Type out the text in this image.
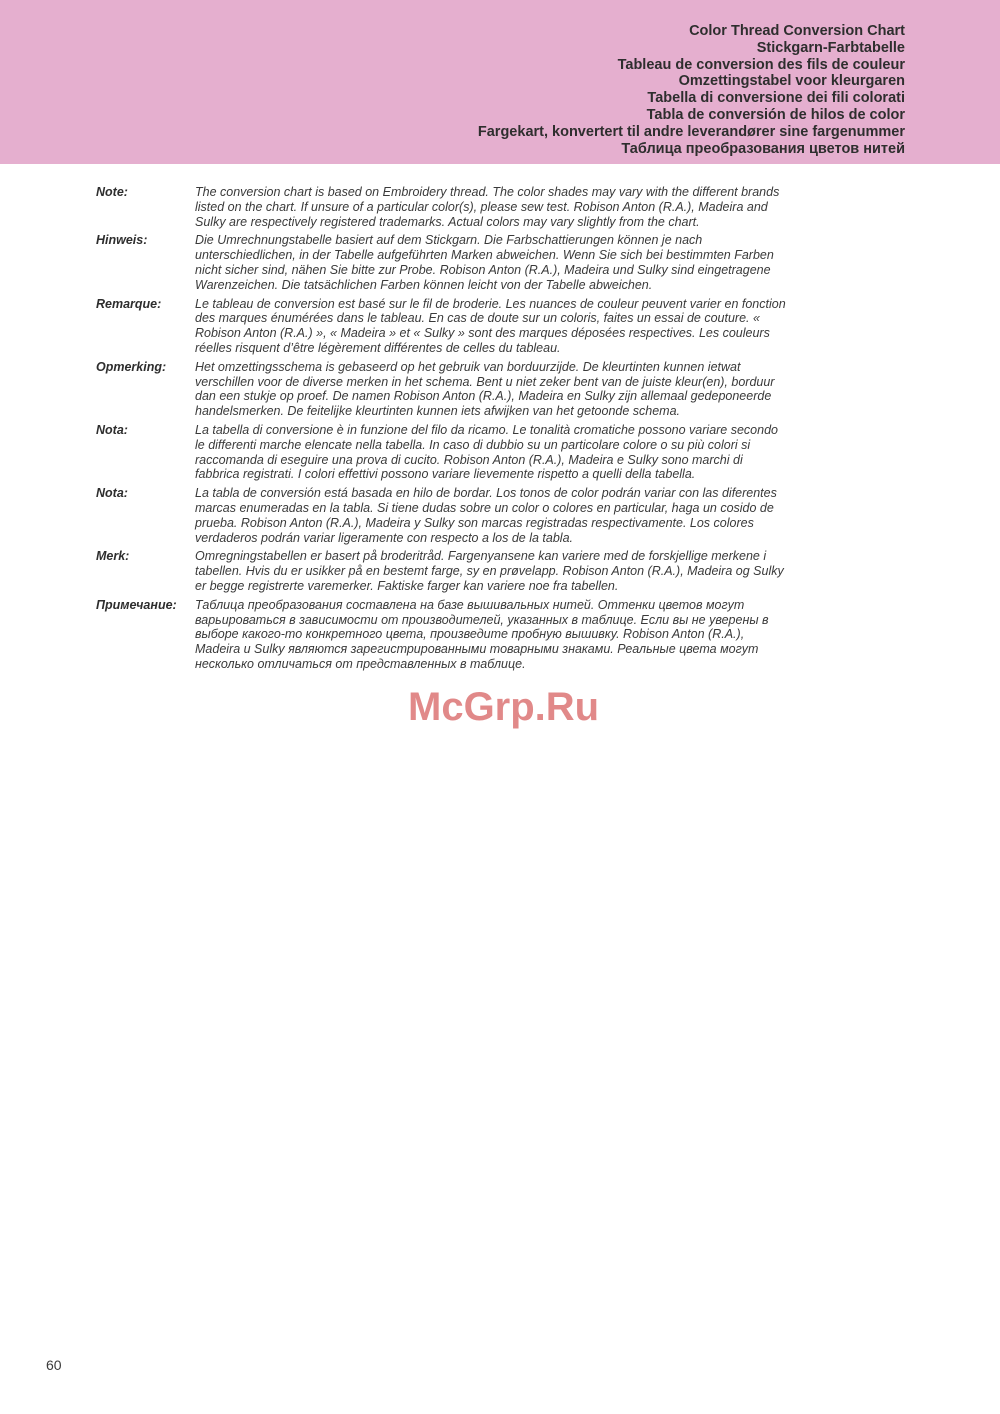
Color Thread Conversion Chart
Stickgarn-Farbtabelle
Tableau de conversion des fils de couleur
Omzettingstabel voor kleurgaren
Tabella di conversione dei fili colorati
Tabla de conversión de hilos de color
Fargekart, konvertert til andre leverandører sine fargenummer
Таблица преобразования цветов нитей
Note:	The conversion chart is based on Embroidery thread. The color shades may vary with the different brands listed on the chart. If unsure of a particular color(s), please sew test. Robison Anton (R.A.), Madeira and Sulky are respectively registered trademarks. Actual colors may vary slightly from the chart.
Hinweis:	Die Umrechnungstabelle basiert auf dem Stickgarn. Die Farbschattierungen können je nach unterschiedlichen, in der Tabelle aufgeführten Marken abweichen. Wenn Sie sich bei bestimmten Farben nicht sicher sind, nähen Sie bitte zur Probe. Robison Anton (R.A.), Madeira und Sulky sind eingetragene Warenzeichen. Die tatsächlichen Farben können leicht von der Tabelle abweichen.
Remarque:	Le tableau de conversion est basé sur le fil de broderie. Les nuances de couleur peuvent varier en fonction des marques énumérées dans le tableau. En cas de doute sur un coloris, faites un essai de couture. « Robison Anton (R.A.) », « Madeira » et « Sulky » sont des marques déposées respectives. Les couleurs réelles risquent d’être légèrement différentes de celles du tableau.
Opmerking:	Het omzettingsschema is gebaseerd op het gebruik van borduurzijde. De kleurtinten kunnen ietwat verschillen voor de diverse merken in het schema. Bent u niet zeker bent van de juiste kleur(en), borduur dan een stukje op proef. De namen Robison Anton (R.A.), Madeira en Sulky zijn allemaal gedeponeerde handelsmerken. De feitelijke kleurtinten kunnen iets afwijken van het getoonde schema.
Nota:	La tabella di conversione è in funzione del filo da ricamo. Le tonalità cromatiche possono variare secondo le differenti marche elencate nella tabella. In caso di dubbio su un particolare colore o su più colori si raccomanda di eseguire una prova di cucito. Robison Anton (R.A.), Madeira e Sulky sono marchi di fabbrica registrati. I colori effettivi possono variare lievemente rispetto a quelli della tabella.
Nota:	La tabla de conversión está basada en hilo de bordar. Los tonos de color podrán variar con las diferentes marcas enumeradas en la tabla. Si tiene dudas sobre un color o colores en particular, haga un cosido de prueba. Robison Anton (R.A.), Madeira y Sulky son marcas registradas respectivamente. Los colores verdaderos podrán variar ligeramente con respecto a los de la tabla.
Merk:	Omregningstabellen er basert på broderitråd. Fargenyansene kan variere med de forskjellige merkene i tabellen. Hvis du er usikker på en bestemt farge, sy en prøvelapp. Robison Anton (R.A.), Madeira og Sulky er begge registrerte varemerker. Faktiske farger kan variere noe fra tabellen.
Примечание:	Таблица преобразования составлена на базе вышивальных нитей. Оттенки цветов могут варьироваться в зависимости от производителей, указанных в таблице. Если вы не уверены в выборе какого-то конкретного цвета, произведите пробную вышивку. Robison Anton (R.A.), Madeira и Sulky являются зарегистрированными товарными знаками. Реальные цвета могут несколько отличаться от представленных в таблице.
McGrp.Ru
60
